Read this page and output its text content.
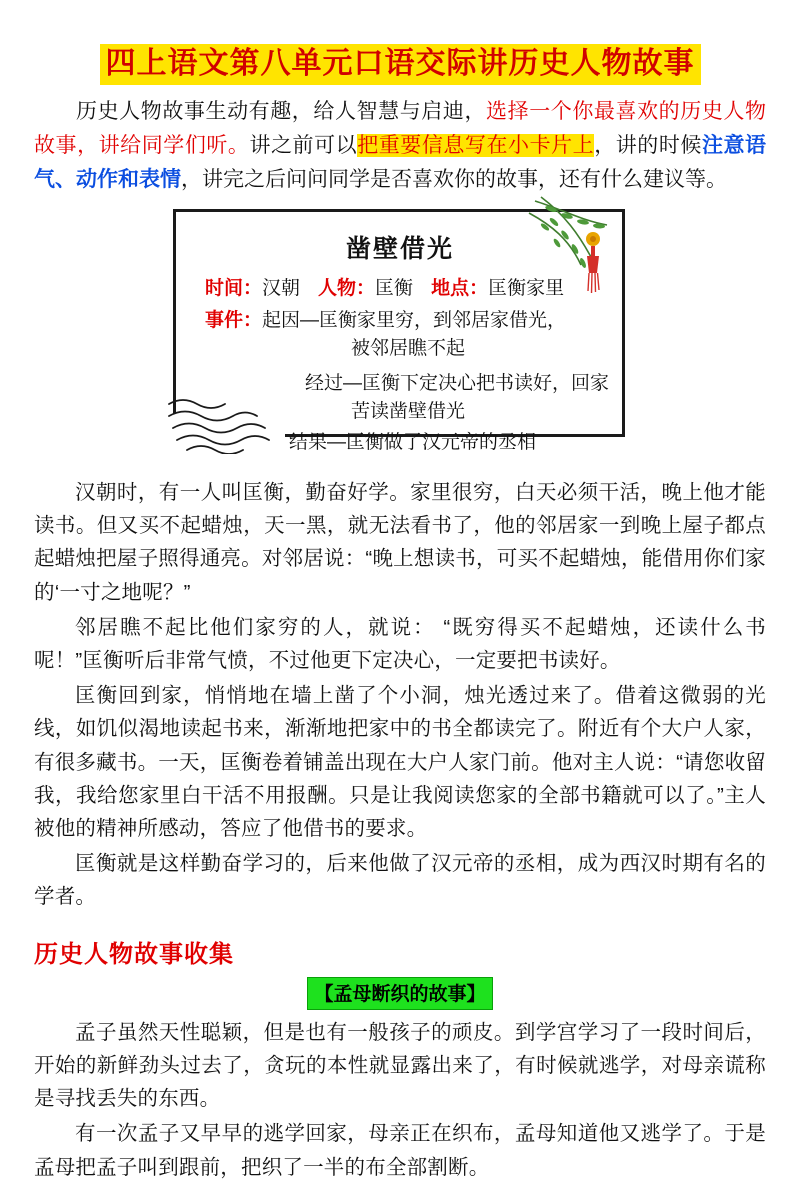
四上语文第八单元口语交际讲历史人物故事

历史人物故事生动有趣，给人智慧与启迪，选择一个你最喜欢的历史人物故事，讲给同学们听。讲之前可以把重要信息写在小卡片上，讲的时候注意语气、动作和表情，讲完之后问问同学是否喜欢你的故事，还有什么建议等。

凿壁借光
时间：汉朝 人物：匡衡 地点：匡衡家里
事件：起因—匡衡家里穷，到邻居家借光，
被邻居瞧不起
经过—匡衡下定决心把书读好，回家
苦读凿壁借光
结果—匡衡做了汉元帝的丞相

汉朝时，有一人叫匡衡，勤奋好学。家里很穷，白天必须干活，晚上他才能读书。但又买不起蜡烛，天一黑，就无法看书了，他的邻居家一到晚上屋子都点起蜡烛把屋子照得通亮。对邻居说：“晚上想读书，可买不起蜡烛，能借用你们家的‘一寸之地呢？”

邻居瞧不起比他们家穷的人，就说： “既穷得买不起蜡烛，还读什么书呢！”匡衡听后非常气愤，不过他更下定决心，一定要把书读好。

匡衡回到家，悄悄地在墙上凿了个小洞，烛光透过来了。借着这微弱的光线，如饥似渴地读起书来，渐渐地把家中的书全都读完了。附近有个大户人家，有很多藏书。一天，匡衡卷着铺盖出现在大户人家门前。他对主人说：“请您收留我，我给您家里白干活不用报酬。只是让我阅读您家的全部书籍就可以了。”主人被他的精神所感动，答应了他借书的要求。

匡衡就是这样勤奋学习的，后来他做了汉元帝的丞相，成为西汉时期有名的学者。

历史人物故事收集
【孟母断织的故事】

孟子虽然天性聪颖，但是也有一般孩子的顽皮。到学宫学习了一段时间后，开始的新鲜劲头过去了，贪玩的本性就显露出来了，有时候就逃学，对母亲谎称是寻找丢失的东西。

有一次孟子又早早的逃学回家，母亲正在织布，孟母知道他又逃学了。于是孟母把孟子叫到跟前，把织了一半的布全部割断。
